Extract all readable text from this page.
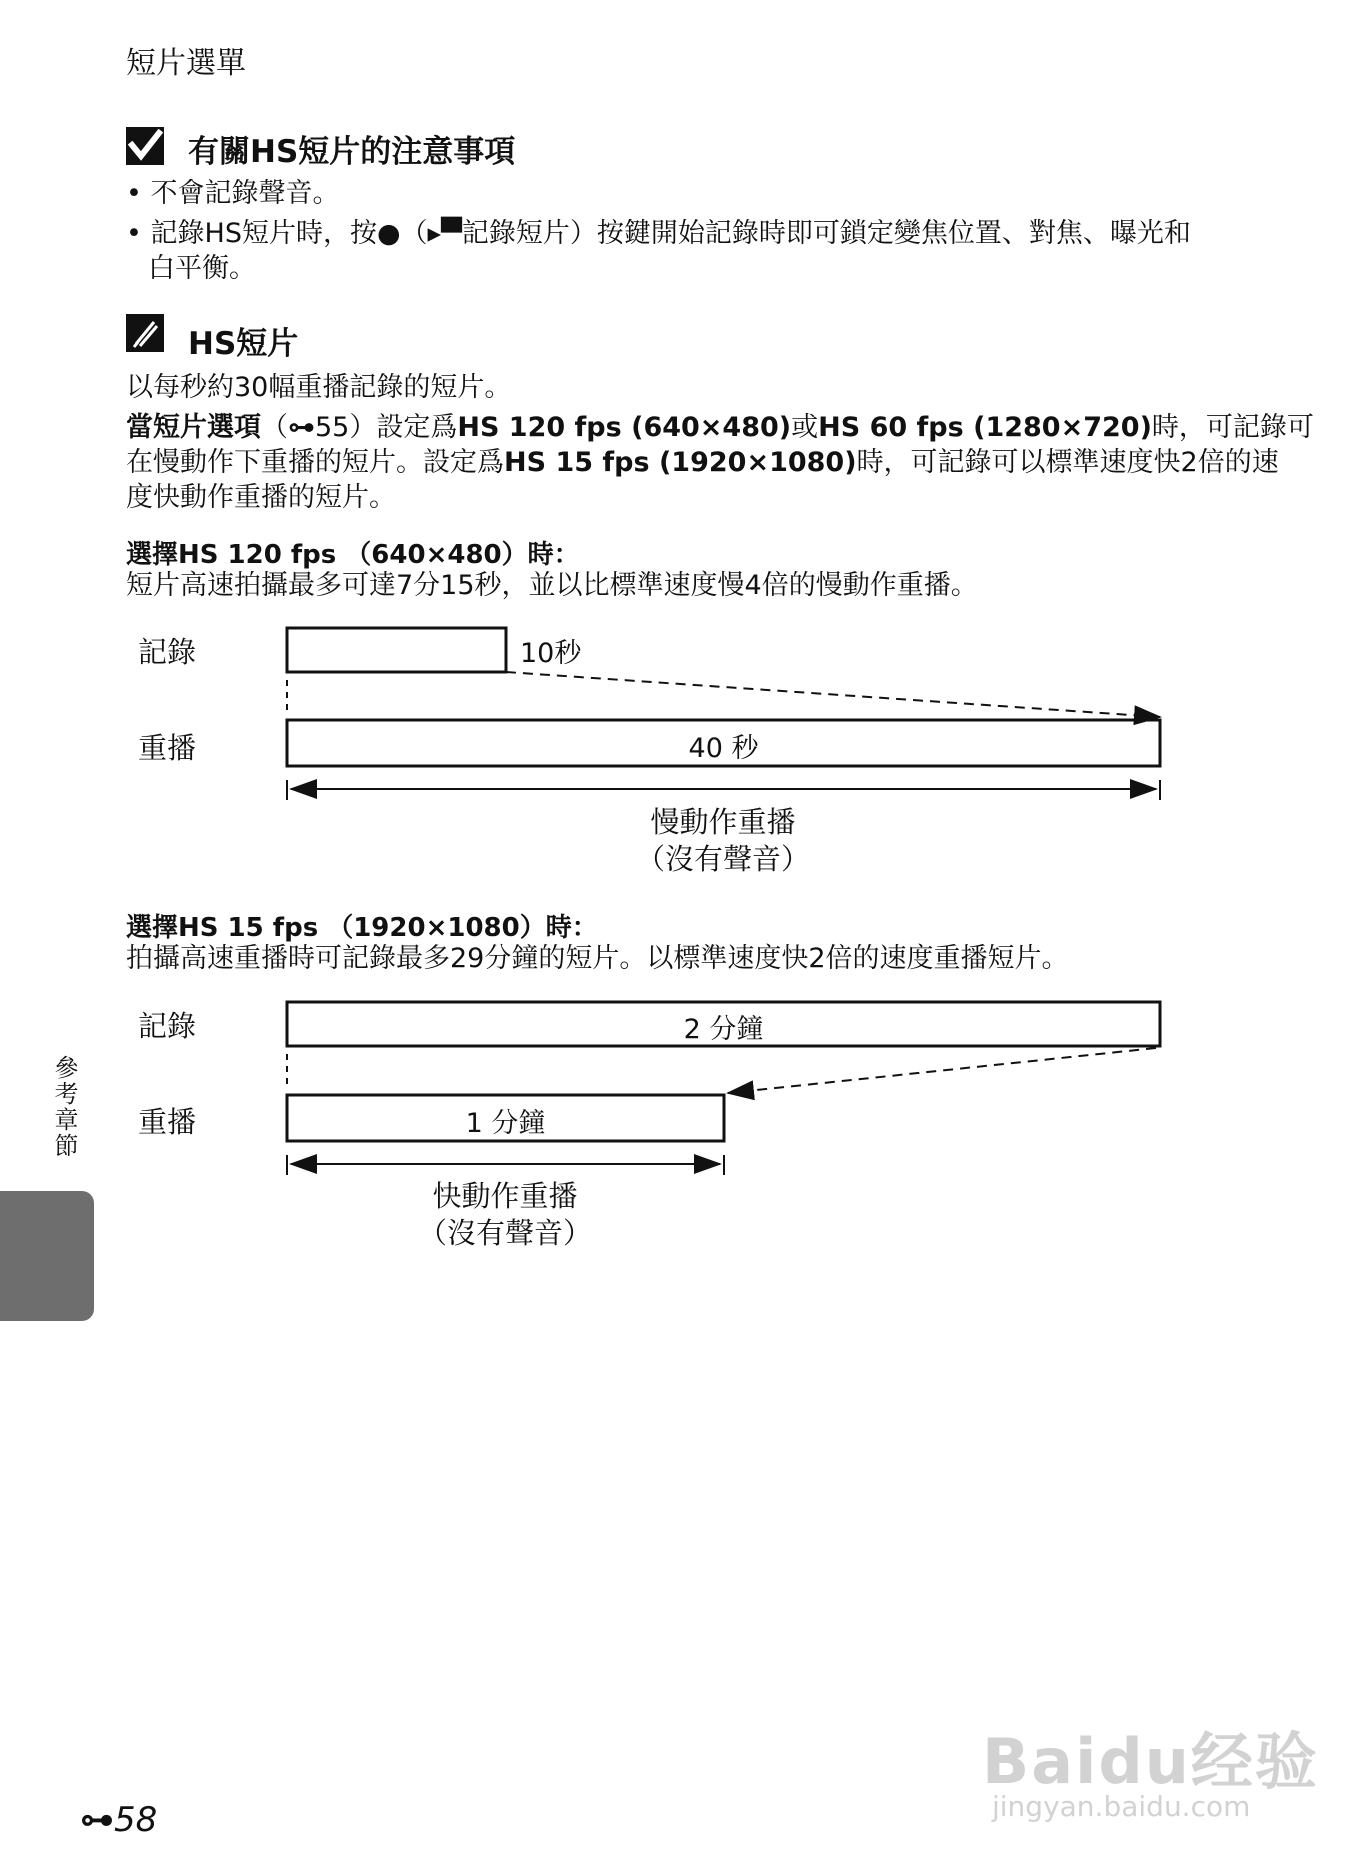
短片選單
有關HS短片的注意事項
• 不會記錄聲音。
• 記錄HS短片時，按●（▸▀記錄短片）按鍵開始記錄時即可鎖定變焦位置、對焦、曝光和
白平衡。
HS短片
以每秒約30幅重播記錄的短片。
當短片選項（⊶55）設定爲HS 120 fps (640×480)或HS 60 fps (1280×720)時，可記錄可
在慢動作下重播的短片。設定爲HS 15 fps (1920×1080)時，可記錄可以標準速度快2倍的速
度快動作重播的短片。
選擇HS 120 fps （640×480）時：
短片高速拍攝最多可達7分15秒，並以比標準速度慢4倍的慢動作重播。
記錄
重播
10秒
40 秒
慢動作重播
（沒有聲音）
選擇HS 15 fps （1920×1080）時：
拍攝高速重播時可記錄最多29分鐘的短片。以標準速度快2倍的速度重播短片。
記錄
重播
2 分鐘
1 分鐘
快動作重播
（沒有聲音）
參考章節
⊶58
Baidu经验
jingyan.baidu.com
